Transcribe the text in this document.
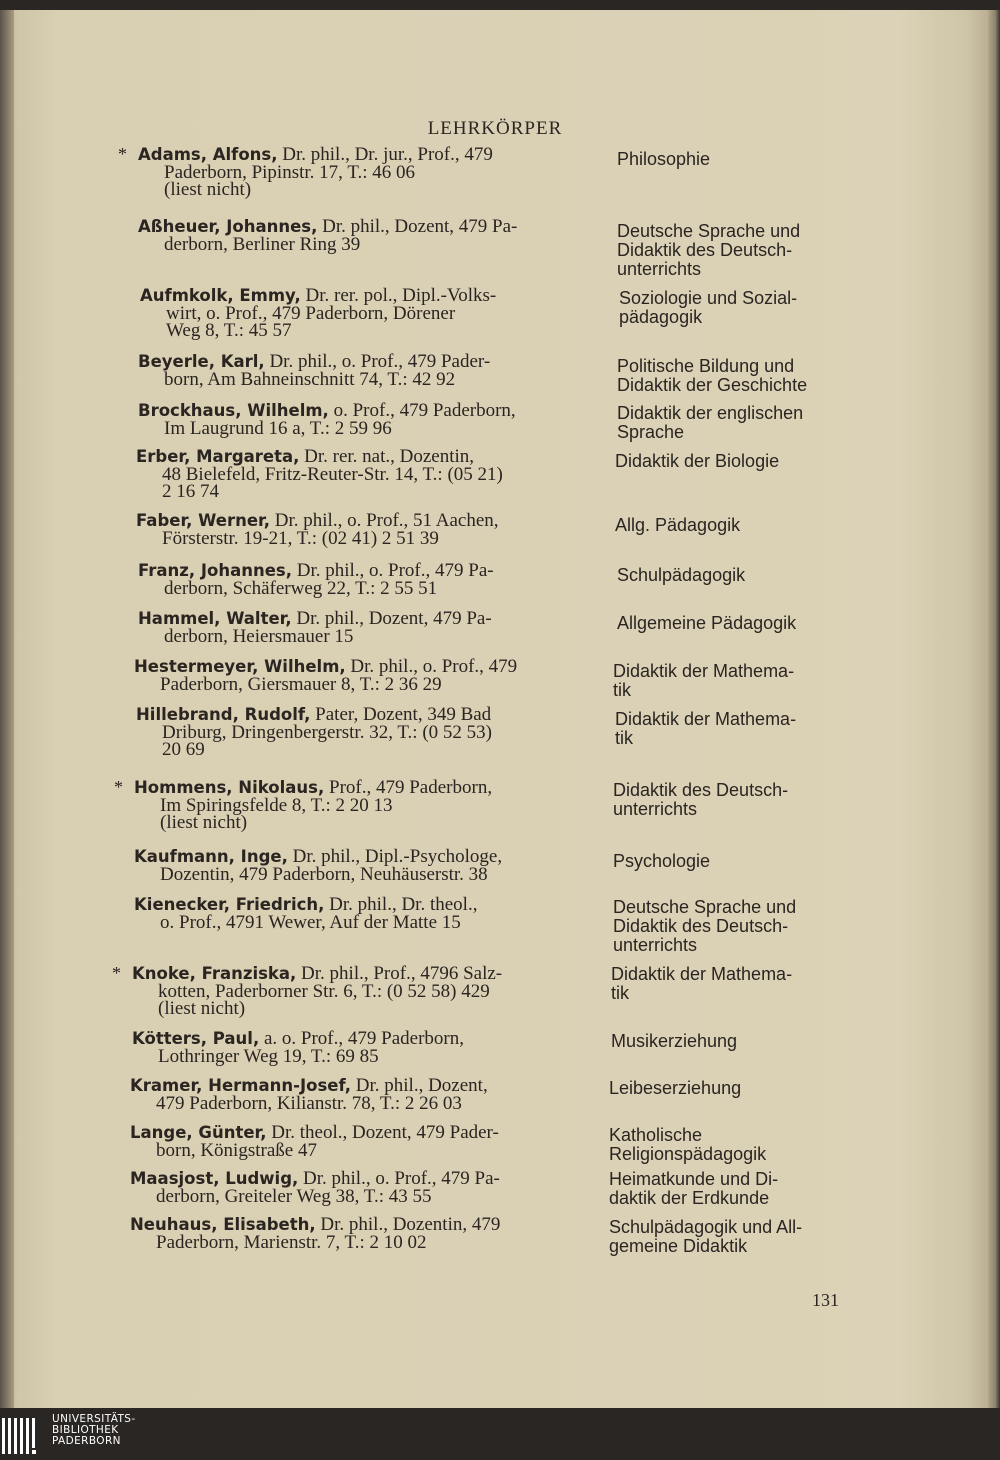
LEHRKÖRPER
* Adams, Alfons, Dr. phil., Dr. jur., Prof., 479
Paderborn, Pipinstr. 17, T.: 46 06
(liest nicht)
Philosophie
Aßheuer, Johannes, Dr. phil., Dozent, 479 Pa-
derborn, Berliner Ring 39
Deutsche Sprache und
Didaktik des Deutsch-
unterrichts
Aufmkolk, Emmy, Dr. rer. pol., Dipl.-Volks-
wirt, o. Prof., 479 Paderborn, Dörener
Weg 8, T.: 45 57
Soziologie und Sozial-
pädagogik
Beyerle, Karl, Dr. phil., o. Prof., 479 Pader-
born, Am Bahneinschnitt 74, T.: 42 92
Politische Bildung und
Didaktik der Geschichte
Brockhaus, Wilhelm, o. Prof., 479 Paderborn,
Im Laugrund 16 a, T.: 2 59 96
Didaktik der englischen
Sprache
Erber, Margareta, Dr. rer. nat., Dozentin,
48 Bielefeld, Fritz-Reuter-Str. 14, T.: (05 21)
2 16 74
Didaktik der Biologie
Faber, Werner, Dr. phil., o. Prof., 51 Aachen,
Försterstr. 19-21, T.: (02 41) 2 51 39
Allg. Pädagogik
Franz, Johannes, Dr. phil., o. Prof., 479 Pa-
derborn, Schäferweg 22, T.: 2 55 51
Schulpädagogik
Hammel, Walter, Dr. phil., Dozent, 479 Pa-
derborn, Heiersmauer 15
Allgemeine Pädagogik
Hestermeyer, Wilhelm, Dr. phil., o. Prof., 479
Paderborn, Giersmauer 8, T.: 2 36 29
Didaktik der Mathema-
tik
Hillebrand, Rudolf, Pater, Dozent, 349 Bad
Driburg, Dringenbergerstr. 32, T.: (0 52 53)
20 69
Didaktik der Mathema-
tik
* Hommens, Nikolaus, Prof., 479 Paderborn,
Im Spiringsfelde 8, T.: 2 20 13
(liest nicht)
Didaktik des Deutsch-
unterrichts
Kaufmann, Inge, Dr. phil., Dipl.-Psychologe,
Dozentin, 479 Paderborn, Neuhäuserstr. 38
Psychologie
Kienecker, Friedrich, Dr. phil., Dr. theol.,
o. Prof., 4791 Wewer, Auf der Matte 15
Deutsche Sprache und
Didaktik des Deutsch-
unterrichts
* Knoke, Franziska, Dr. phil., Prof., 4796 Salz-
kotten, Paderborner Str. 6, T.: (0 52 58) 429
(liest nicht)
Didaktik der Mathema-
tik
Kötters, Paul, a. o. Prof., 479 Paderborn,
Lothringer Weg 19, T.: 69 85
Musikerziehung
Kramer, Hermann-Josef, Dr. phil., Dozent,
479 Paderborn, Kilianstr. 78, T.: 2 26 03
Leibeserziehung
Lange, Günter, Dr. theol., Dozent, 479 Pader-
born, Königstraße 47
Katholische
Religionspädagogik
Maasjost, Ludwig, Dr. phil., o. Prof., 479 Pa-
derborn, Greiteler Weg 38, T.: 43 55
Heimatkunde und Di-
daktik der Erdkunde
Neuhaus, Elisabeth, Dr. phil., Dozentin, 479
Paderborn, Marienstr. 7, T.: 2 10 02
Schulpädagogik und All-
gemeine Didaktik
131
UNIVERSITÄTS-
BIBLIOTHEK
PADERBORN
